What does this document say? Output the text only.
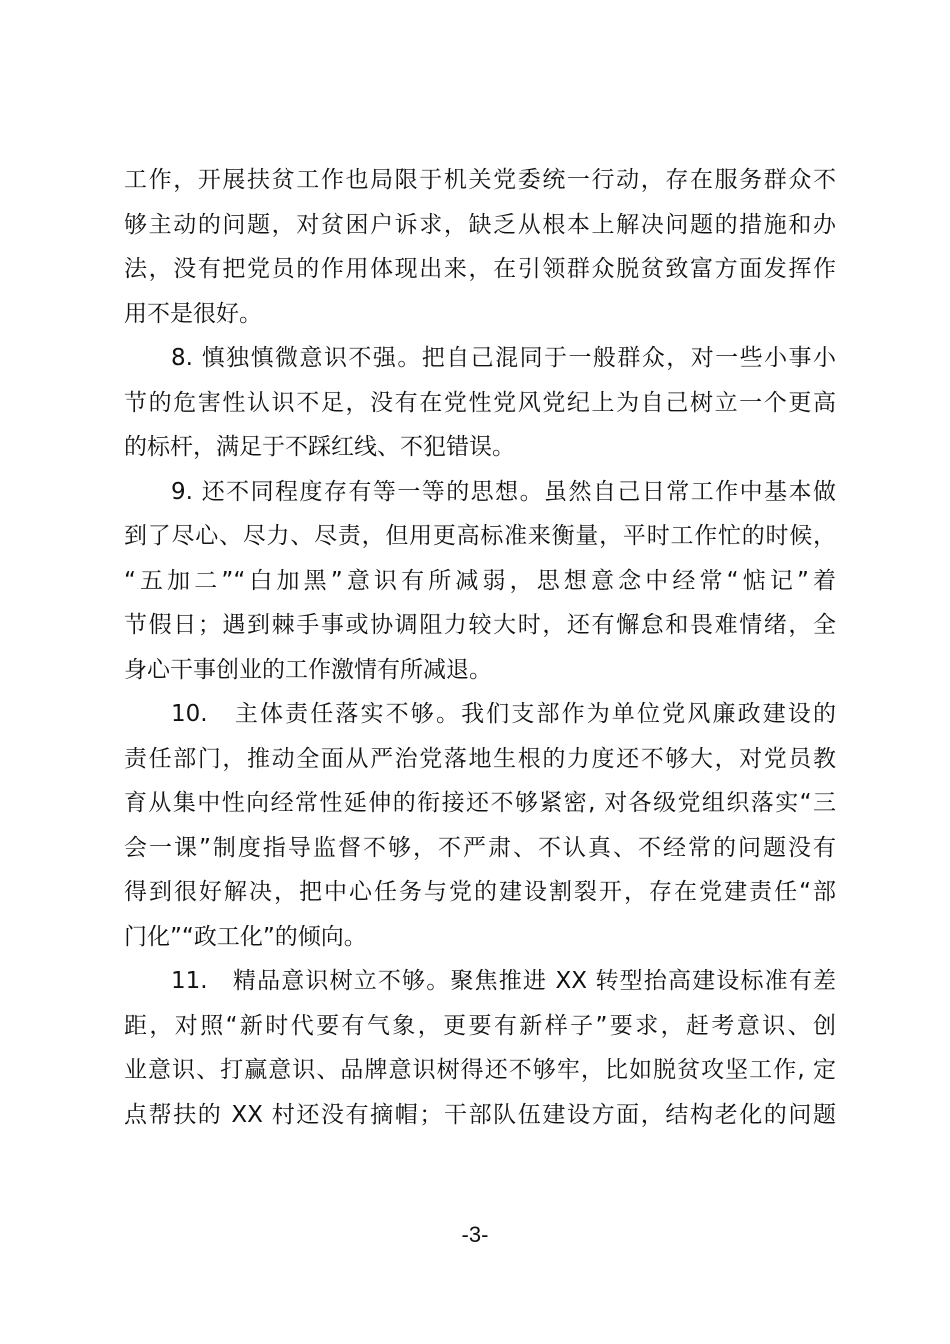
工作，开展扶贫工作也局限于机关党委统一行动，存在服务群众不
够主动的问题，对贫困户诉求，缺乏从根本上解决问题的措施和办
法，没有把党员的作用体现出来，在引领群众脱贫致富方面发挥作
用不是很好。
8. 慎独慎微意识不强。把自己混同于一般群众，对一些小事小
节的危害性认识不足，没有在党性党风党纪上为自己树立一个更高
的标杆，满足于不踩红线、不犯错误。
9. 还不同程度存有等一等的思想。虽然自己日常工作中基本做
到了尽心、尽力、尽责，但用更高标准来衡量，平时工作忙的时候，
“五加二”“白加黑”意识有所减弱，思想意念中经常“惦记”着
节假日；遇到棘手事或协调阻力较大时，还有懈怠和畏难情绪，全
身心干事创业的工作激情有所减退。
10.　主体责任落实不够。我们支部作为单位党风廉政建设的
责任部门，推动全面从严治党落地生根的力度还不够大，对党员教
育从集中性向经常性延伸的衔接还不够紧密, 对各级党组织落实“三
会一课”制度指导监督不够，不严肃、不认真、不经常的问题没有
得到很好解决，把中心任务与党的建设割裂开，存在党建责任“部
门化”“政工化”的倾向。
11.　精品意识树立不够。聚焦推进 XX 转型抬高建设标准有差
距，对照“新时代要有气象，更要有新样子”要求，赶考意识、创
业意识、打赢意识、品牌意识树得还不够牢，比如脱贫攻坚工作, 定
点帮扶的 XX 村还没有摘帽；干部队伍建设方面，结构老化的问题
-3-
